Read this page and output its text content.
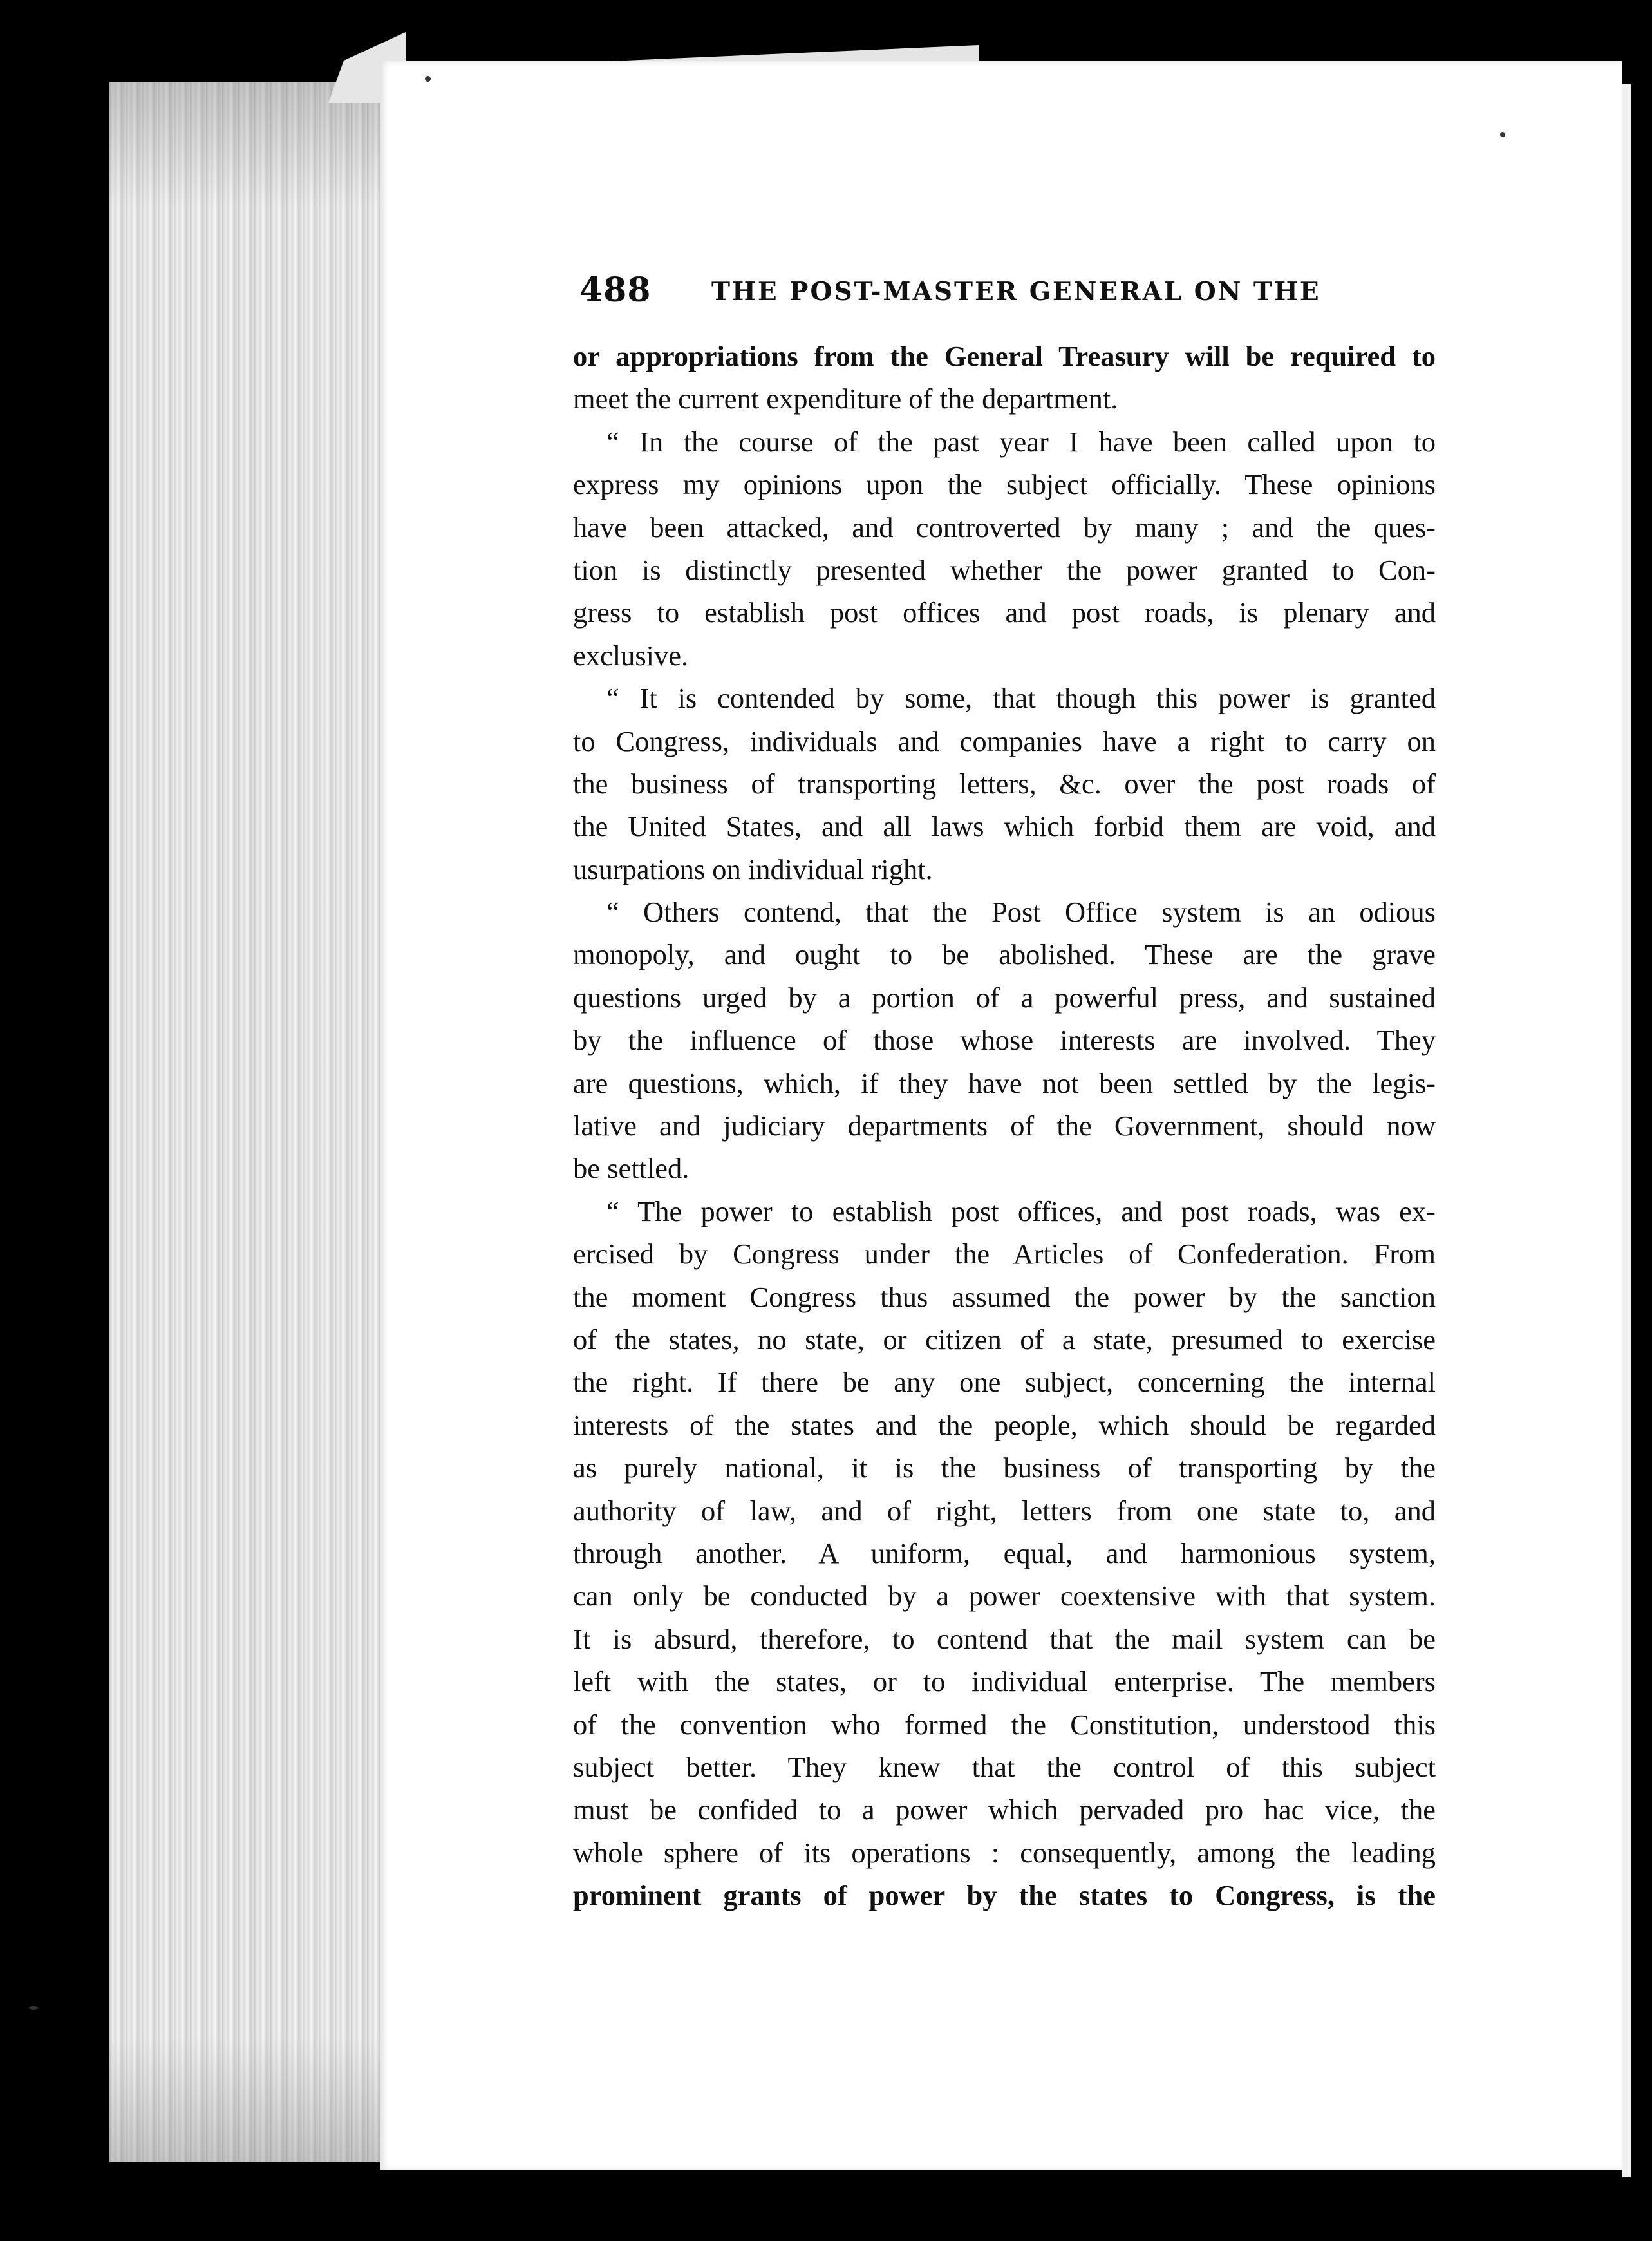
488 THE POST-MASTER GENERAL ON THE
or appropriations from the General Treasury will be required to
meet the current expenditure of the department.
“ In the course of the past year I have been called upon to
express my opinions upon the subject officially. These opinions
have been attacked, and controverted by many ; and the ques-
tion is distinctly presented whether the power granted to Con-
gress to establish post offices and post roads, is plenary and
exclusive.
“ It is contended by some, that though this power is granted
to Congress, individuals and companies have a right to carry on
the business of transporting letters, &c. over the post roads of
the United States, and all laws which forbid them are void, and
usurpations on individual right.
“ Others contend, that the Post Office system is an odious
monopoly, and ought to be abolished. These are the grave
questions urged by a portion of a powerful press, and sustained
by the influence of those whose interests are involved. They
are questions, which, if they have not been settled by the legis-
lative and judiciary departments of the Government, should now
be settled.
“ The power to establish post offices, and post roads, was ex-
ercised by Congress under the Articles of Confederation. From
the moment Congress thus assumed the power by the sanction
of the states, no state, or citizen of a state, presumed to exercise
the right. If there be any one subject, concerning the internal
interests of the states and the people, which should be regarded
as purely national, it is the business of transporting by the
authority of law, and of right, letters from one state to, and
through another. A uniform, equal, and harmonious system,
can only be conducted by a power coextensive with that system.
It is absurd, therefore, to contend that the mail system can be
left with the states, or to individual enterprise. The members
of the convention who formed the Constitution, understood this
subject better. They knew that the control of this subject
must be confided to a power which pervaded pro hac vice, the
whole sphere of its operations : consequently, among the leading
prominent grants of power by the states to Congress, is the
